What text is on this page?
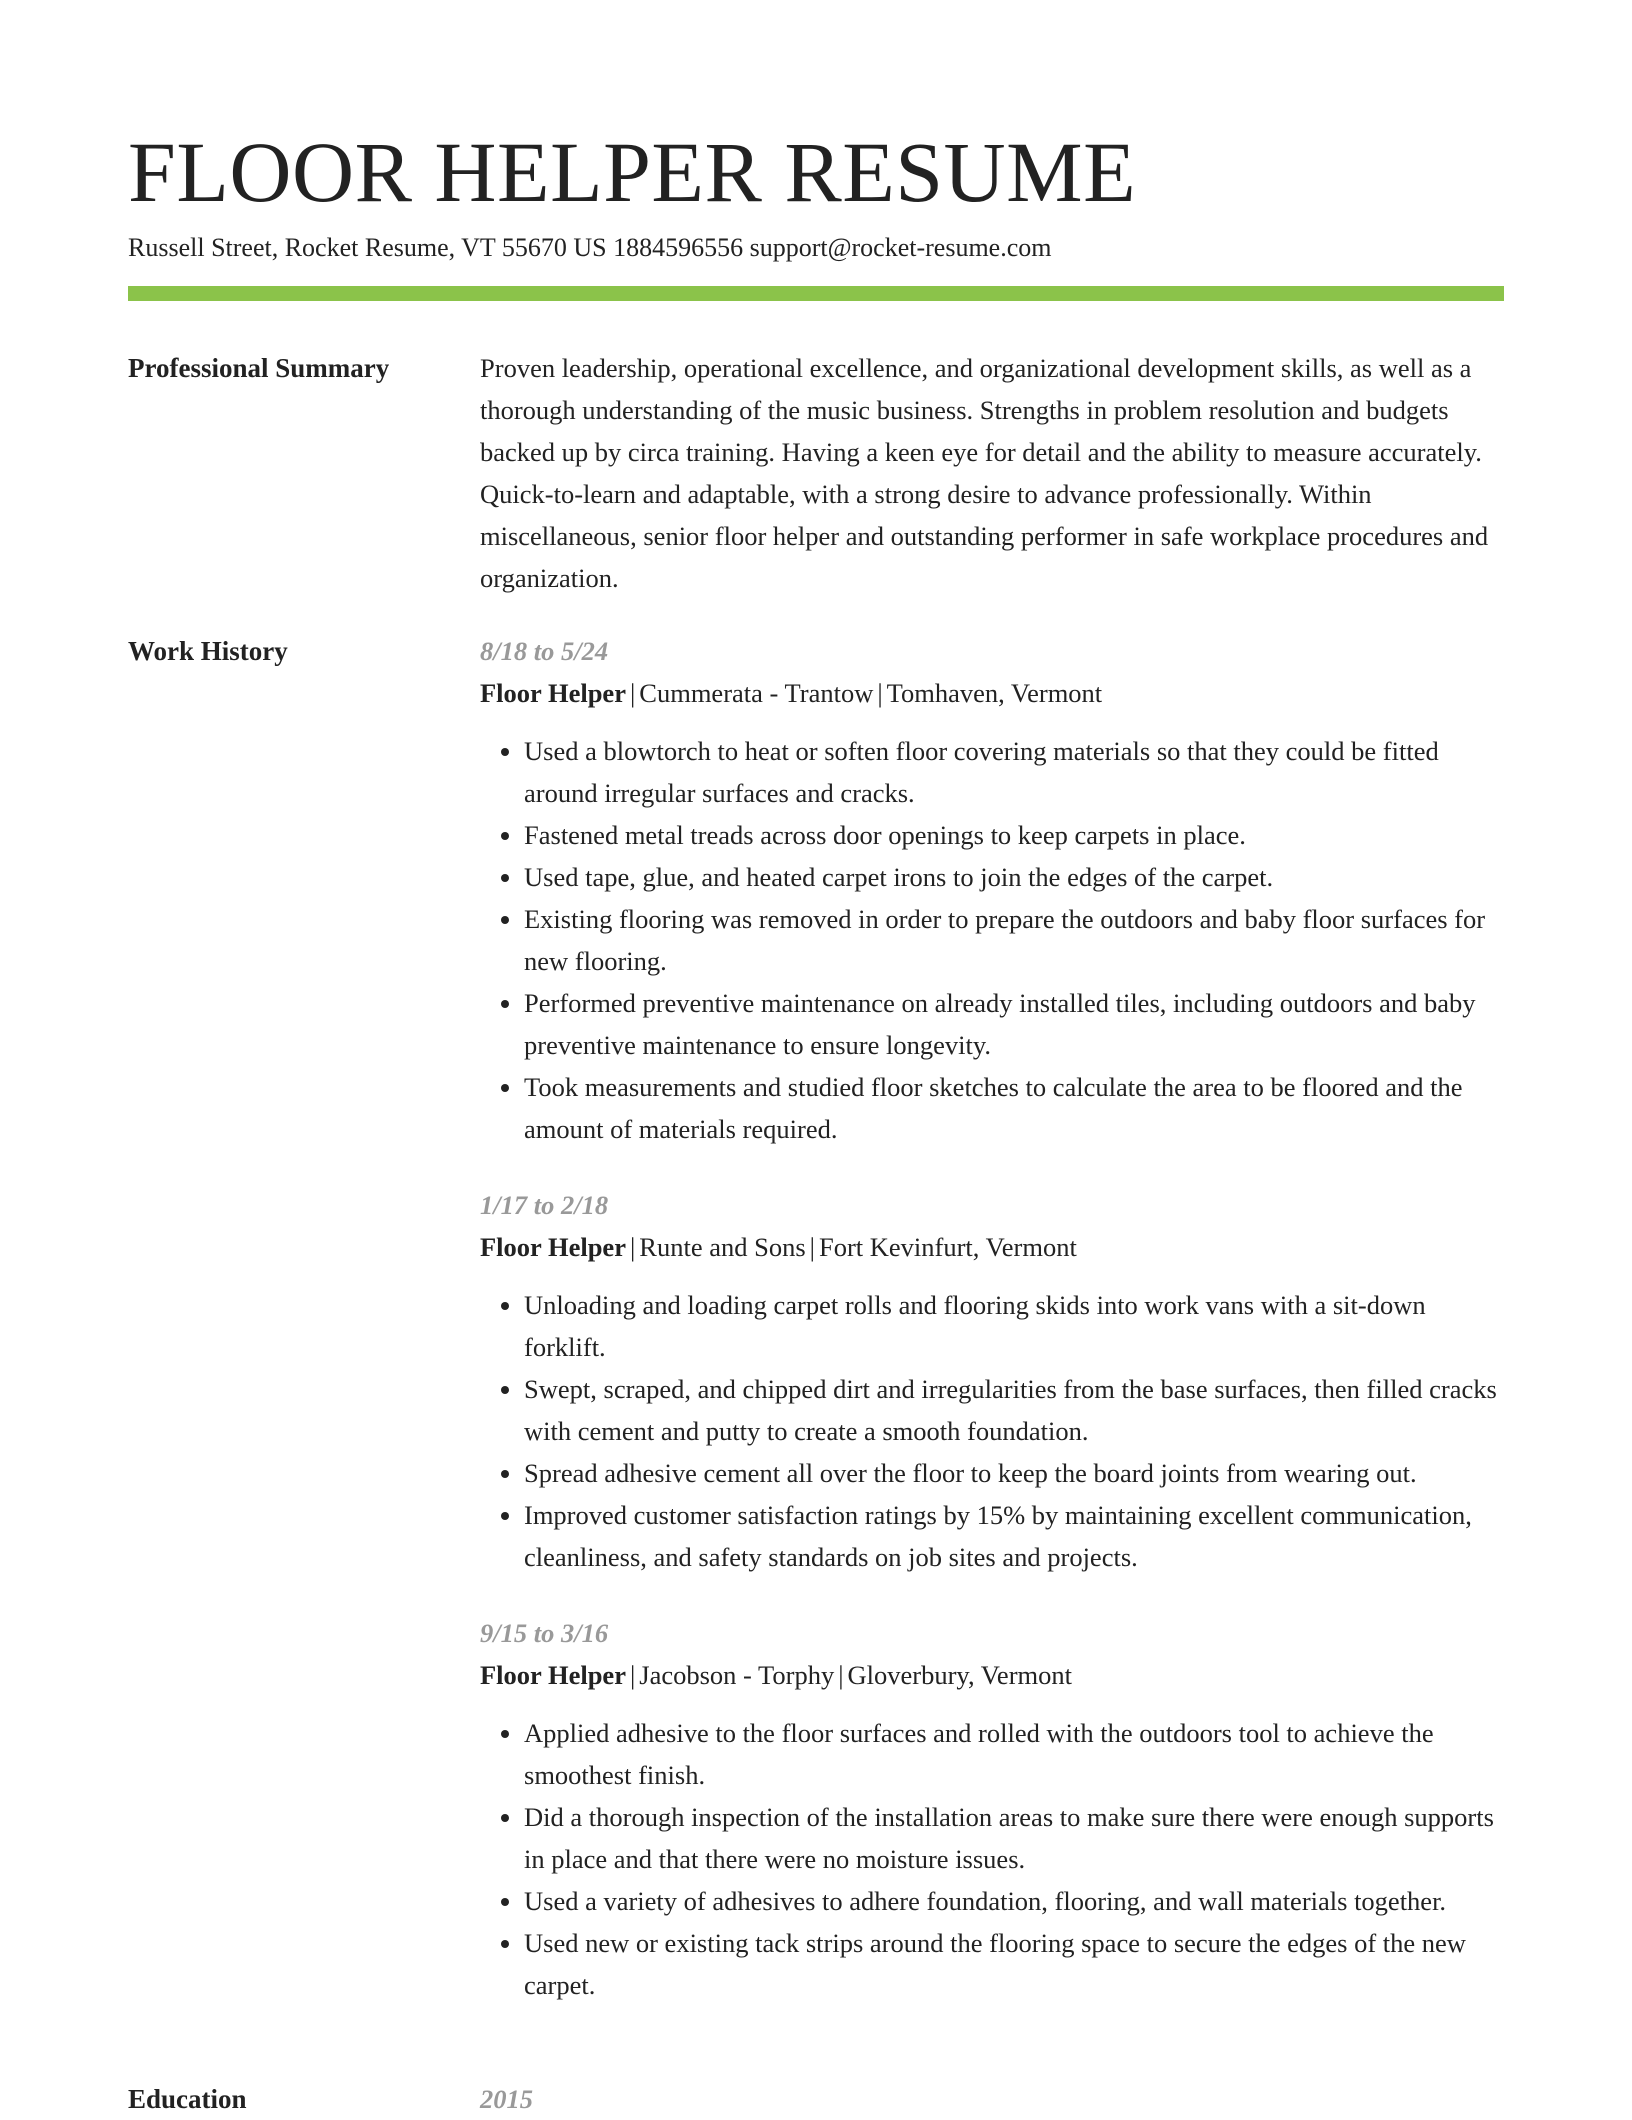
FLOOR HELPER RESUME
Russell Street, Rocket Resume, VT 55670 US 1884596556 support@rocket-resume.com
Professional Summary	Proven leadership, operational excellence, and organizational development skills, as well as a thorough understanding of the music business. Strengths in problem resolution and budgets backed up by circa training. Having a keen eye for detail and the ability to measure accurately. Quick-to-learn and adaptable, with a strong desire to advance professionally. Within miscellaneous, senior floor helper and outstanding performer in safe workplace procedures and organization.

Work History	8/18 to 5/24
Floor Helper | Cummerata - Trantow | Tomhaven, Vermont
• Used a blowtorch to heat or soften floor covering materials so that they could be fitted around irregular surfaces and cracks.
• Fastened metal treads across door openings to keep carpets in place.
• Used tape, glue, and heated carpet irons to join the edges of the carpet.
• Existing flooring was removed in order to prepare the outdoors and baby floor surfaces for new flooring.
• Performed preventive maintenance on already installed tiles, including outdoors and baby preventive maintenance to ensure longevity.
• Took measurements and studied floor sketches to calculate the area to be floored and the amount of materials required.
1/17 to 2/18
Floor Helper | Runte and Sons | Fort Kevinfurt, Vermont
• Unloading and loading carpet rolls and flooring skids into work vans with a sit-down forklift.
• Swept, scraped, and chipped dirt and irregularities from the base surfaces, then filled cracks with cement and putty to create a smooth foundation.
• Spread adhesive cement all over the floor to keep the board joints from wearing out.
• Improved customer satisfaction ratings by 15% by maintaining excellent communication, cleanliness, and safety standards on job sites and projects.
9/15 to 3/16
Floor Helper | Jacobson - Torphy | Gloverbury, Vermont
• Applied adhesive to the floor surfaces and rolled with the outdoors tool to achieve the smoothest finish.
• Did a thorough inspection of the installation areas to make sure there were enough supports in place and that there were no moisture issues.
• Used a variety of adhesives to adhere foundation, flooring, and wall materials together.
• Used new or existing tack strips around the flooring space to secure the edges of the new carpet.
Education	2015
